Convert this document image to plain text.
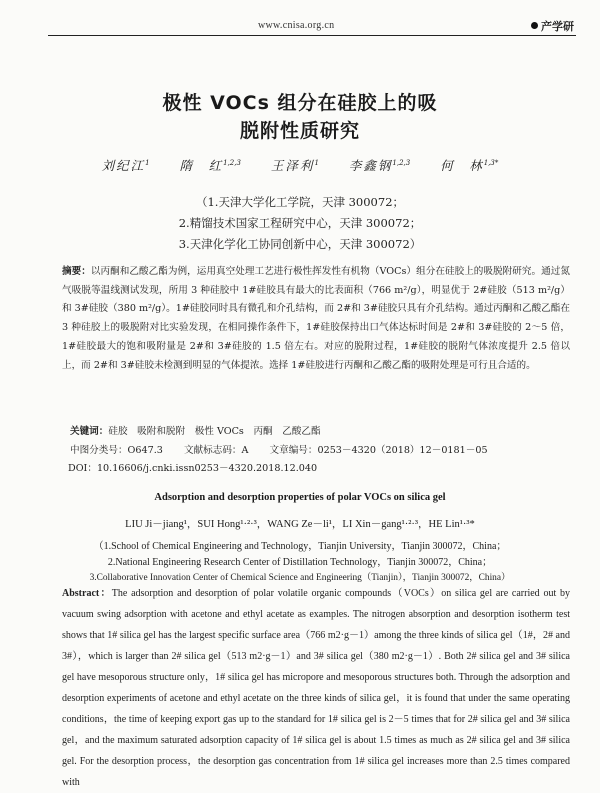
www.cnisa.org.cn	产学研
极性 VOCs 组分在硅胶上的吸
脱附性质研究
刘纪江$^1$ 隋　红$^{1,2,3}$ 王泽利$^1$ 李鑫钢$^{1,2,3}$ 何　林$^{1,3*}$
（1.天津大学化工学院，天津 300072；
2.精馏技术国家工程研究中心，天津 300072；
3.天津化学化工协同创新中心，天津 300072）
摘要：以丙酮和乙酸乙酯为例，运用真空处理工艺进行极性挥发性有机物（VOCs）组分在硅胶上的吸脱附研究。通过氮气吸脱等温线测试发现，所用 3 种硅胶中 1#硅胶具有最大的比表面积（766 m²/g），明显优于 2#硅胶（513 m²/g）和 3#硅胶（380 m²/g）。1#硅胶同时具有微孔和介孔结构，而 2#和 3#硅胶只具有介孔结构。通过丙酮和乙酸乙酯在 3 种硅胶上的吸脱附对比实验发现，在相同操作条件下，1#硅胶保持出口气体达标时间是 2#和 3#硅胶的 2～5 倍，1#硅胶最大的饱和吸附量是 2#和 3#硅胶的 1.5 倍左右。对应的脱附过程，1#硅胶的脱附气体浓度提升 2.5 倍以上，而 2#和 3#硅胶未检测到明显的气体提浓。选择 1#硅胶进行丙酮和乙酸乙酯的吸附处理是可行且合适的。
关键词：硅胶　吸附和脱附　极性 VOCs　丙酮　乙酸乙酯
中图分类号：O647.3 文献标志码：A 文章编号：0253－4320（2018）12－0181－05
DOI：10.16606/j.cnki.issn0253－4320.2018.12.040
Adsorption and desorption properties of polar VOCs on silica gel
LIU Ji－jiang¹，SUI Hong¹·²·³，WANG Ze－li¹，LI Xin－gang¹·²·³，HE Lin¹·³*
（1.School of Chemical Engineering and Technology，Tianjin University，Tianjin 300072，China；
2.National Engineering Research Center of Distillation Technology，Tianjin 300072，China；
3.Collaborative Innovation Center of Chemical Science and Engineering（Tianjin），Tianjin 300072，China）
Abstract：The adsorption and desorption of polar volatile organic compounds（VOCs）on silica gel are carried out by vacuum swing adsorption with acetone and ethyl acetate as examples. The nitrogen absorption and desorption isotherm test shows that 1# silica gel has the largest specific surface area（766 m2·g－1）among the three kinds of silica gel（1#，2# and 3#），which is larger than 2# silica gel（513 m2·g－1）and 3# silica gel（380 m2·g－1）. Both 2# silica gel and 3# silica gel have mesoporous structure only，1# silica gel has micropore and mesoporous structures both. Through the adsorption and desorption experiments of acetone and ethyl acetate on the three kinds of silica gel，it is found that under the same operating conditions，the time of keeping export gas up to the standard for 1# silica gel is 2－5 times that for 2# silica gel and 3# silica gel，and the maximum saturated adsorption capacity of 1# silica gel is about 1.5 times as much as 2# silica gel and 3# silica gel. For the desorption process，the desorption gas concentration from 1# silica gel increases more than 2.5 times compared with
